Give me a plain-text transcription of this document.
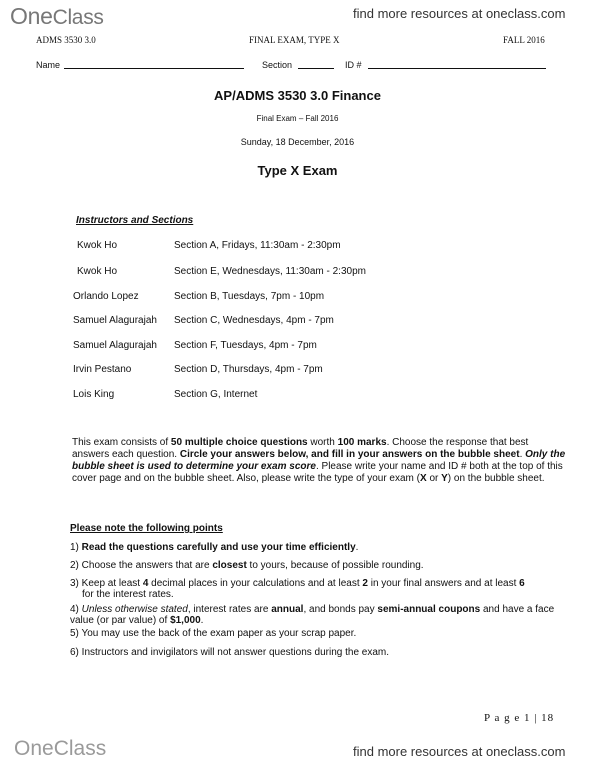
OneClass	find more resources at oneclass.com
ADMS 3530 3.0	FINAL EXAM, TYPE X	FALL 2016
Name	Section	ID #
AP/ADMS 3530 3.0 Finance
Final Exam – Fall 2016
Sunday, 18 December, 2016
Type X Exam
Instructors and Sections
Kwok Ho	Section A, Fridays, 11:30am - 2:30pm
Kwok Ho	Section E, Wednesdays, 11:30am - 2:30pm
Orlando Lopez	Section B, Tuesdays, 7pm - 10pm
Samuel Alagurajah Section C, Wednesdays, 4pm - 7pm
Samuel Alagurajah Section F, Tuesdays, 4pm - 7pm
Irvin Pestano	Section D, Thursdays, 4pm - 7pm
Lois King	Section G, Internet
This exam consists of 50 multiple choice questions worth 100 marks. Choose the response that best answers each question. Circle your answers below, and fill in your answers on the bubble sheet. Only the bubble sheet is used to determine your exam score. Please write your name and ID # both at the top of this cover page and on the bubble sheet. Also, please write the type of your exam (X or Y) on the bubble sheet.
Please note the following points
1) Read the questions carefully and use your time efficiently.
2) Choose the answers that are closest to yours, because of possible rounding.
3) Keep at least 4 decimal places in your calculations and at least 2 in your final answers and at least 6
for the interest rates.
4) Unless otherwise stated, interest rates are annual, and bonds pay semi-annual coupons and have a face value (or par value) of $1,000.
5) You may use the back of the exam paper as your scrap paper.
6) Instructors and invigilators will not answer questions during the exam.
P a g e 1 | 18
OneClass	find more resources at oneclass.com
